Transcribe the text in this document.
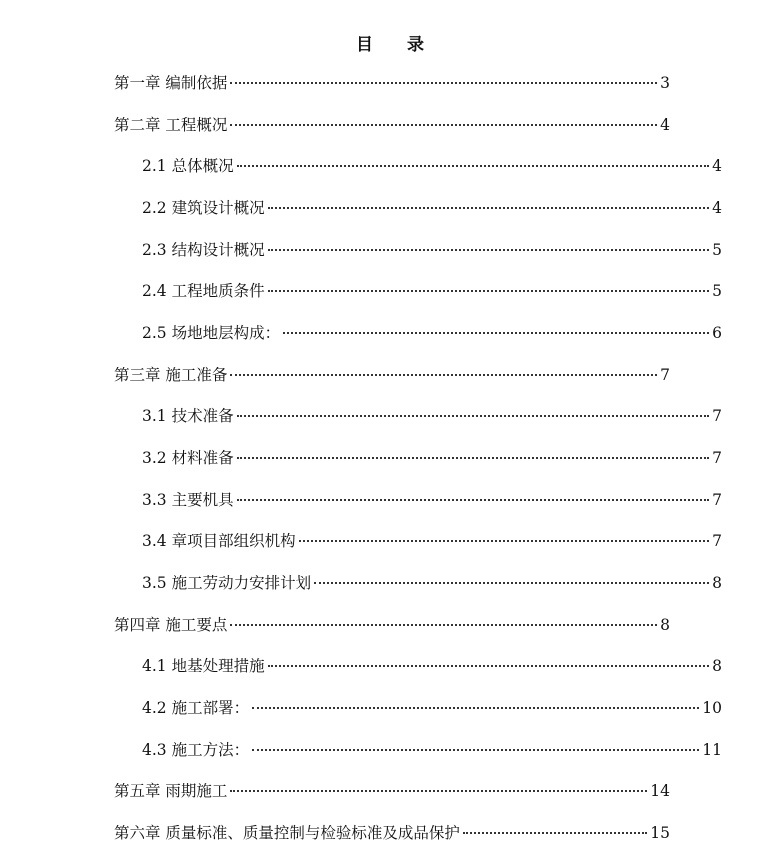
目 录
第一章 编制依据	3
第二章 工程概况	4
2.1 总体概况	4
2.2 建筑设计概况	4
2.3 结构设计概况	5
2.4 工程地质条件	5
2.5 场地地层构成：	6
第三章 施工准备	7
3.1 技术准备	7
3.2 材料准备	7
3.3 主要机具	7
3.4 章项目部组织机构	7
3.5 施工劳动力安排计划	8
第四章 施工要点	8
4.1 地基处理措施	8
4.2 施工部署：	10
4.3 施工方法：	11
第五章 雨期施工	14
第六章 质量标准、质量控制与检验标准及成品保护	15
